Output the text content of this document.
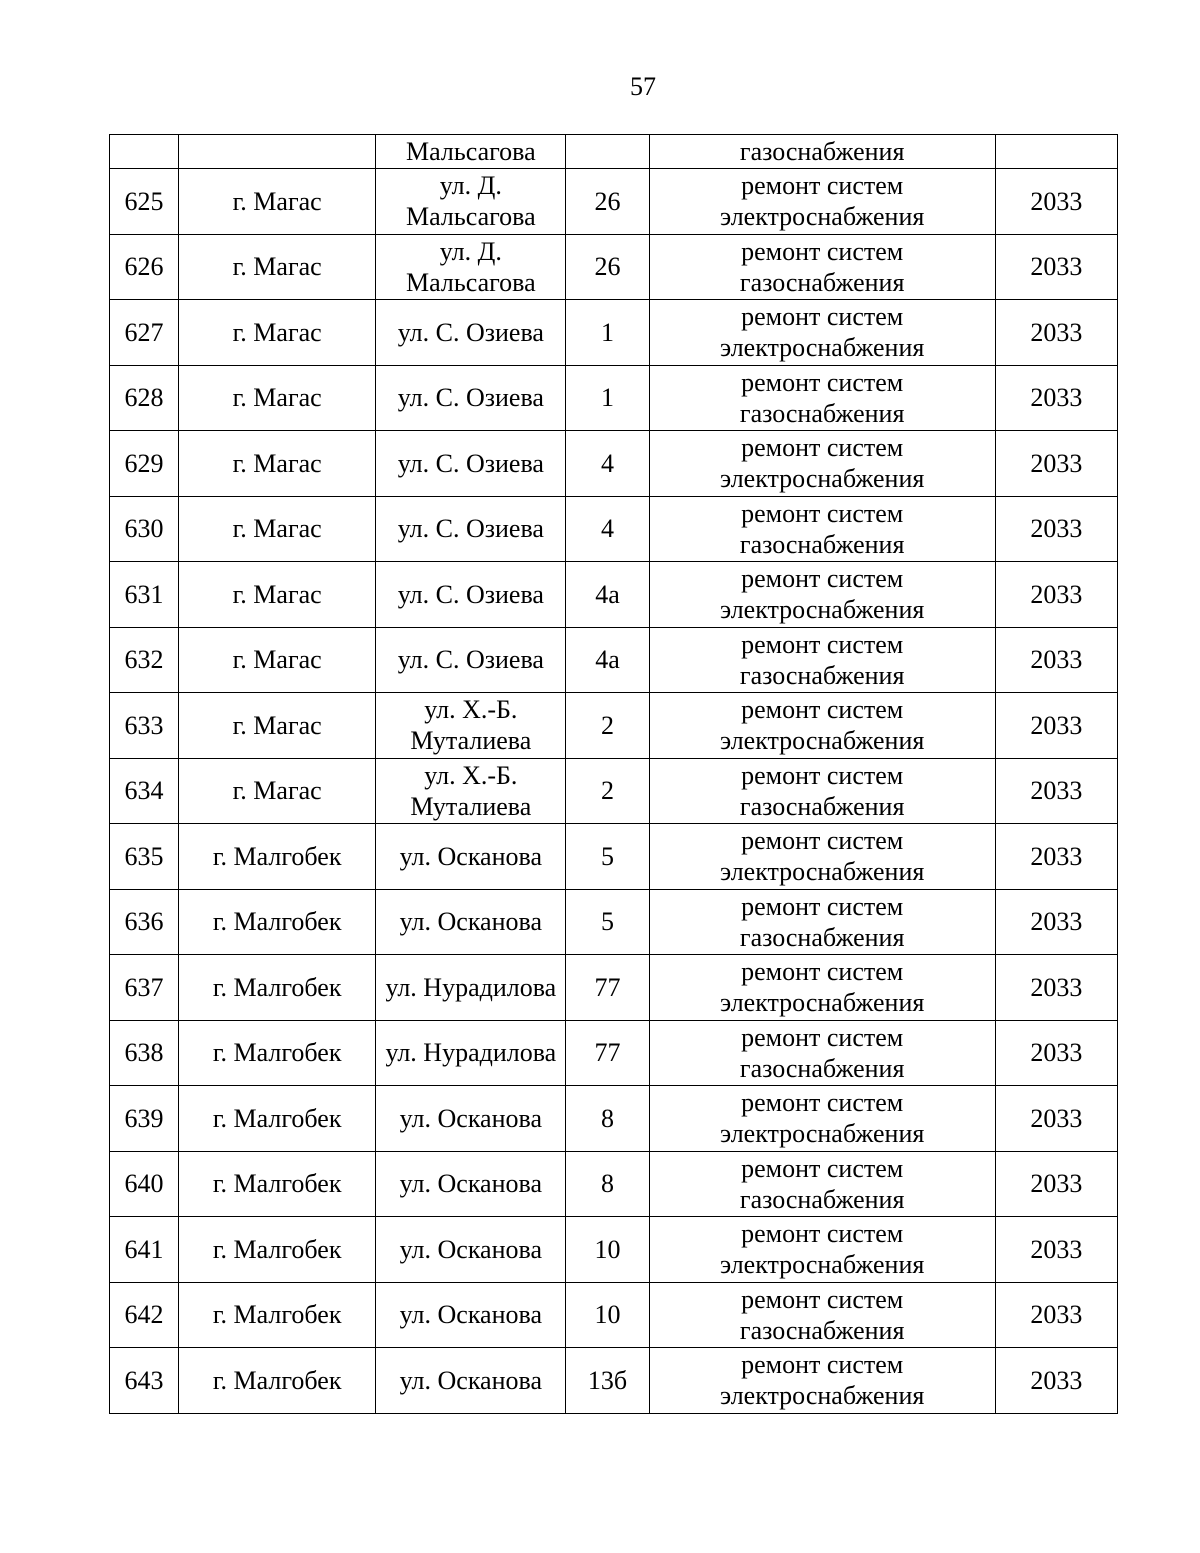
57
		Мальсагова		газоснабжения	
625	г. Магас	ул. Д.
Мальсагова	26	ремонт систем
электроснабжения	2033
626	г. Магас	ул. Д.
Мальсагова	26	ремонт систем
газоснабжения	2033
627	г. Магас	ул. С. Озиева	1	ремонт систем
электроснабжения	2033
628	г. Магас	ул. С. Озиева	1	ремонт систем
газоснабжения	2033
629	г. Магас	ул. С. Озиева	4	ремонт систем
электроснабжения	2033
630	г. Магас	ул. С. Озиева	4	ремонт систем
газоснабжения	2033
631	г. Магас	ул. С. Озиева	4а	ремонт систем
электроснабжения	2033
632	г. Магас	ул. С. Озиева	4а	ремонт систем
газоснабжения	2033
633	г. Магас	ул. Х.-Б.
Муталиева	2	ремонт систем
электроснабжения	2033
634	г. Магас	ул. Х.-Б.
Муталиева	2	ремонт систем
газоснабжения	2033
635	г. Малгобек	ул. Осканова	5	ремонт систем
электроснабжения	2033
636	г. Малгобек	ул. Осканова	5	ремонт систем
газоснабжения	2033
637	г. Малгобек	ул. Нурадилова	77	ремонт систем
электроснабжения	2033
638	г. Малгобек	ул. Нурадилова	77	ремонт систем
газоснабжения	2033
639	г. Малгобек	ул. Осканова	8	ремонт систем
электроснабжения	2033
640	г. Малгобек	ул. Осканова	8	ремонт систем
газоснабжения	2033
641	г. Малгобек	ул. Осканова	10	ремонт систем
электроснабжения	2033
642	г. Малгобек	ул. Осканова	10	ремонт систем
газоснабжения	2033
643	г. Малгобек	ул. Осканова	13б	ремонт систем
электроснабжения	2033
